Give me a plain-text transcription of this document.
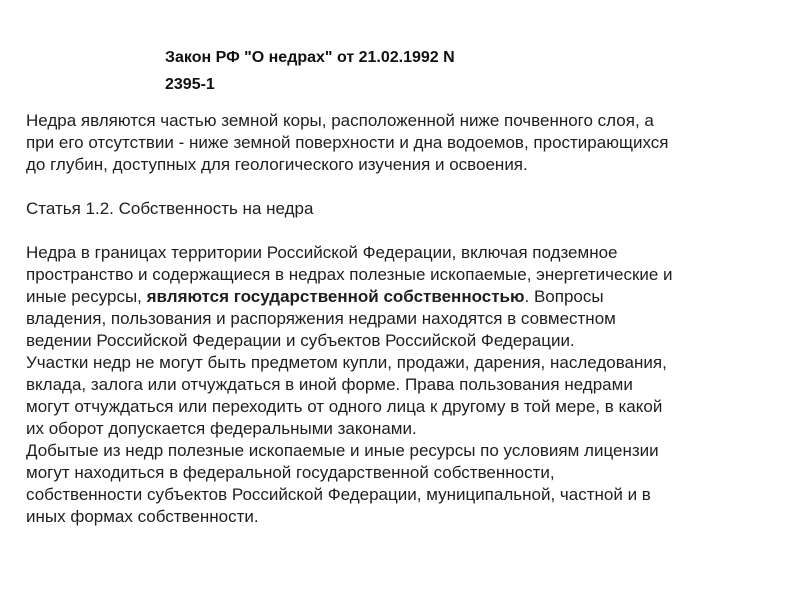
Закон РФ "О недрах" от 21.02.1992 N
2395-1
Недра являются частью земной коры, расположенной ниже почвенного слоя, а
при его отсутствии - ниже земной поверхности и дна водоемов, простирающихся
до глубин, доступных для геологического изучения и освоения.
Статья 1.2. Собственность на недра
Недра в границах территории Российской Федерации, включая подземное
пространство и содержащиеся в недрах полезные ископаемые, энергетические и
иные ресурсы, являются государственной собственностью. Вопросы
владения, пользования и распоряжения недрами находятся в совместном
ведении Российской Федерации и субъектов Российской Федерации.
Участки недр не могут быть предметом купли, продажи, дарения, наследования,
вклада, залога или отчуждаться в иной форме. Права пользования недрами
могут отчуждаться или переходить от одного лица к другому в той мере, в какой
их оборот допускается федеральными законами.
Добытые из недр полезные ископаемые и иные ресурсы по условиям лицензии
могут находиться в федеральной государственной собственности,
собственности субъектов Российской Федерации, муниципальной, частной и в
иных формах собственности.
